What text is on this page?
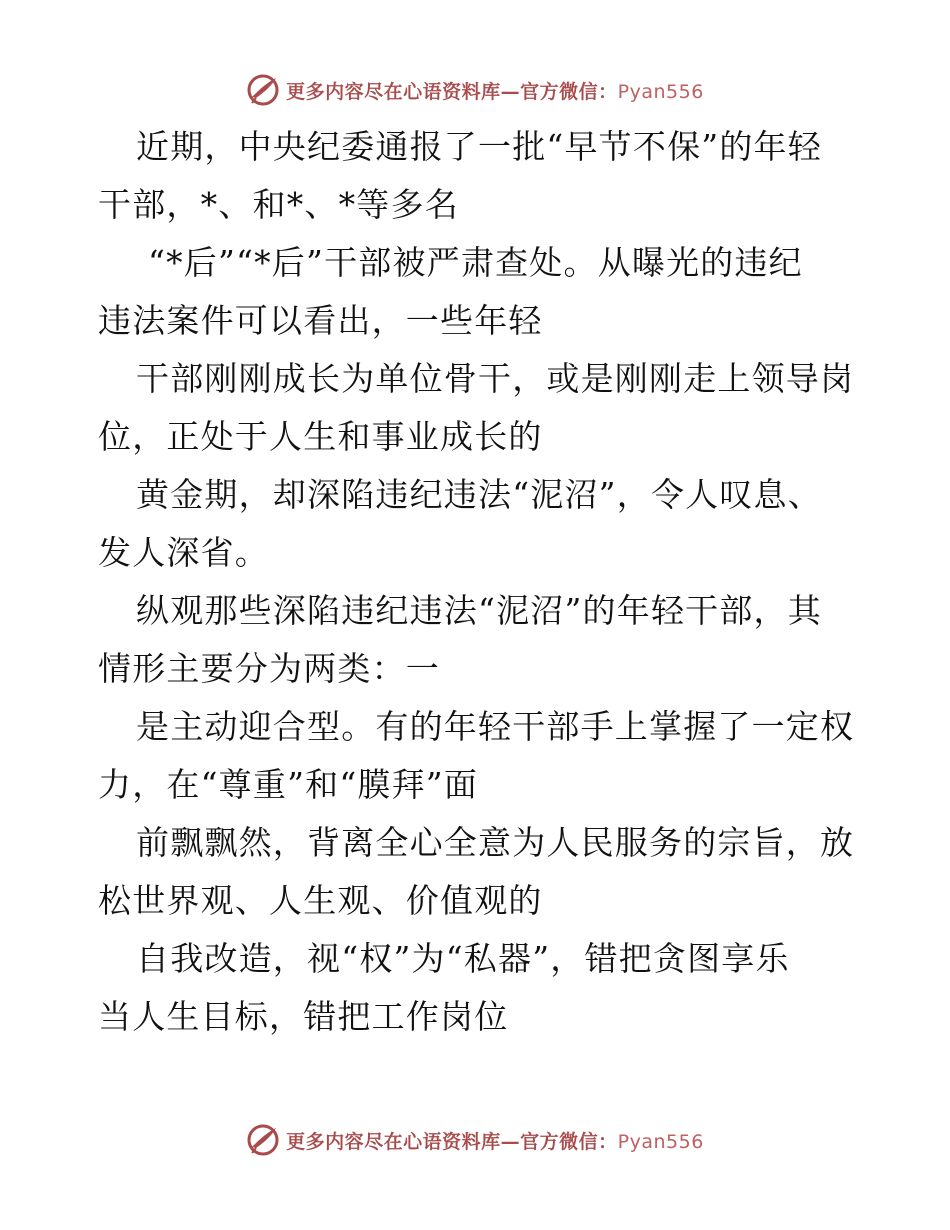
更多内容尽在心语资料库—官方微信：Pyan556
近期，中央纪委通报了一批“早节不保”的年轻
干部，*、和*、*等多名
“*后”“*后”干部被严肃查处。从曝光的违纪
违法案件可以看出，一些年轻
干部刚刚成长为单位骨干，或是刚刚走上领导岗
位，正处于人生和事业成长的
黄金期，却深陷违纪违法“泥沼”，令人叹息、
发人深省。
纵观那些深陷违纪违法“泥沼”的年轻干部，其
情形主要分为两类：一
是主动迎合型。有的年轻干部手上掌握了一定权
力，在“尊重”和“膜拜”面
前飘飘然，背离全心全意为人民服务的宗旨，放
松世界观、人生观、价值观的
自我改造，视“权”为“私器”，错把贪图享乐
当人生目标，错把工作岗位
更多内容尽在心语资料库—官方微信：Pyan556
